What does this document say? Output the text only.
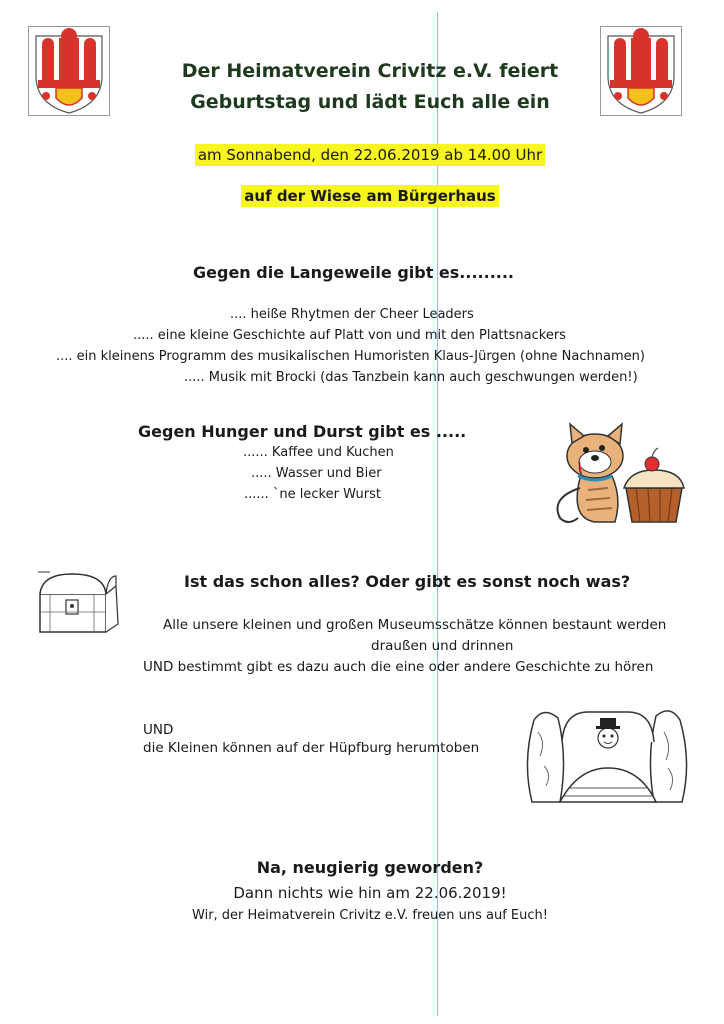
Der Heimatverein Crivitz e.V. feiert
Geburtstag und lädt Euch alle ein
am Sonnabend, den 22.06.2019 ab 14.00 Uhr
auf der Wiese am Bürgerhaus
Gegen die Langeweile gibt es.........
.... heiße Rhytmen der Cheer Leaders
..... eine kleine Geschichte auf Platt von und mit den Plattsnackers
.... ein kleinens Programm des musikalischen Humoristen Klaus-Jürgen (ohne Nachnamen)
..... Musik mit Brocki (das Tanzbein kann auch geschwungen werden!)
Gegen Hunger und Durst gibt es .....
...... Kaffee und Kuchen
..... Wasser und Bier
...... `ne lecker Wurst
Ist das schon alles? Oder gibt es sonst noch was?
Alle unsere kleinen und großen Museumsschätze können bestaunt werden
draußen und drinnen
UND bestimmt gibt es dazu auch die eine oder andere Geschichte zu hören
UND
die Kleinen können auf der Hüpfburg herumtoben
Na, neugierig geworden?
Dann nichts wie hin am 22.06.2019!
Wir, der Heimatverein Crivitz e.V. freuen uns auf Euch!
